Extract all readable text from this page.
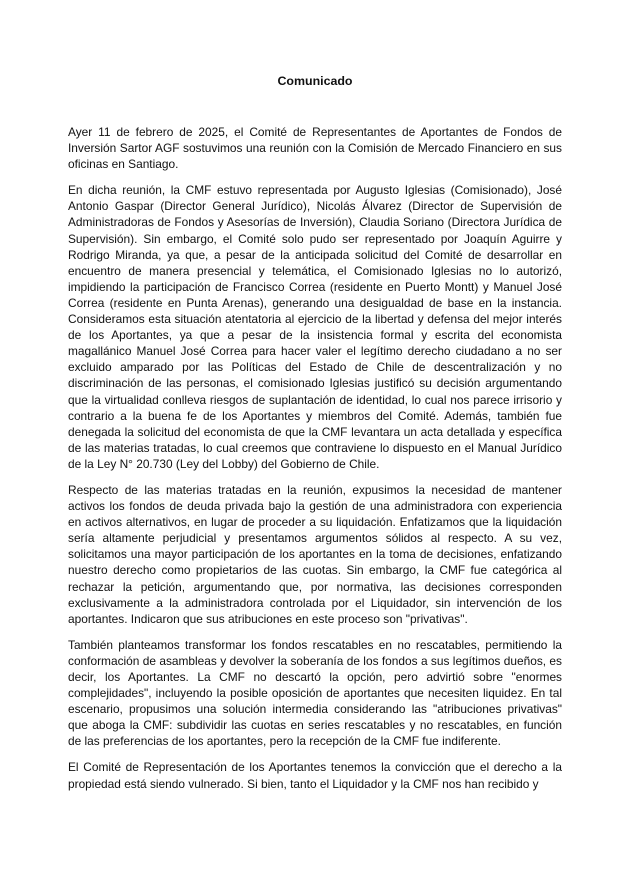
Comunicado

Ayer 11 de febrero de 2025, el Comité de Representantes de Aportantes de Fondos de Inversión Sartor AGF sostuvimos una reunión con la Comisión de Mercado Financiero en sus oficinas en Santiago.

En dicha reunión, la CMF estuvo representada por Augusto Iglesias (Comisionado), José Antonio Gaspar (Director General Jurídico), Nicolás Álvarez (Director de Supervisión de Administradoras de Fondos y Asesorías de Inversión), Claudia Soriano (Directora Jurídica de Supervisión). Sin embargo, el Comité solo pudo ser representado por Joaquín Aguirre y Rodrigo Miranda, ya que, a pesar de la anticipada solicitud del Comité de desarrollar en encuentro de manera presencial y telemática, el Comisionado Iglesias no lo autorizó, impidiendo la participación de Francisco Correa (residente en Puerto Montt) y Manuel José Correa (residente en Punta Arenas), generando una desigualdad de base en la instancia. Consideramos esta situación atentatoria al ejercicio de la libertad y defensa del mejor interés de los Aportantes, ya que a pesar de la insistencia formal y escrita del economista magallánico Manuel José Correa para hacer valer el legítimo derecho ciudadano a no ser excluido amparado por las Políticas del Estado de Chile de descentralización y no discriminación de las personas, el comisionado Iglesias justificó su decisión argumentando que la virtualidad conlleva riesgos de suplantación de identidad, lo cual nos parece irrisorio y contrario a la buena fe de los Aportantes y miembros del Comité. Además, también fue denegada la solicitud del economista de que la CMF levantara un acta detallada y específica de las materias tratadas, lo cual creemos que contraviene lo dispuesto en el Manual Jurídico de la Ley N° 20.730 (Ley del Lobby) del Gobierno de Chile.

Respecto de las materias tratadas en la reunión, expusimos la necesidad de mantener activos los fondos de deuda privada bajo la gestión de una administradora con experiencia en activos alternativos, en lugar de proceder a su liquidación. Enfatizamos que la liquidación sería altamente perjudicial y presentamos argumentos sólidos al respecto. A su vez, solicitamos una mayor participación de los aportantes en la toma de decisiones, enfatizando nuestro derecho como propietarios de las cuotas. Sin embargo, la CMF fue categórica al rechazar la petición, argumentando que, por normativa, las decisiones corresponden exclusivamente a la administradora controlada por el Liquidador, sin intervención de los aportantes. Indicaron que sus atribuciones en este proceso son "privativas".

También planteamos transformar los fondos rescatables en no rescatables, permitiendo la conformación de asambleas y devolver la soberanía de los fondos a sus legítimos dueños, es decir, los Aportantes. La CMF no descartó la opción, pero advirtió sobre "enormes complejidades", incluyendo la posible oposición de aportantes que necesiten liquidez. En tal escenario, propusimos una solución intermedia considerando las "atribuciones privativas" que aboga la CMF: subdividir las cuotas en series rescatables y no rescatables, en función de las preferencias de los aportantes, pero la recepción de la CMF fue indiferente.

El Comité de Representación de los Aportantes tenemos la convicción que el derecho a la propiedad está siendo vulnerado. Si bien, tanto el Liquidador y la CMF nos han recibido y
